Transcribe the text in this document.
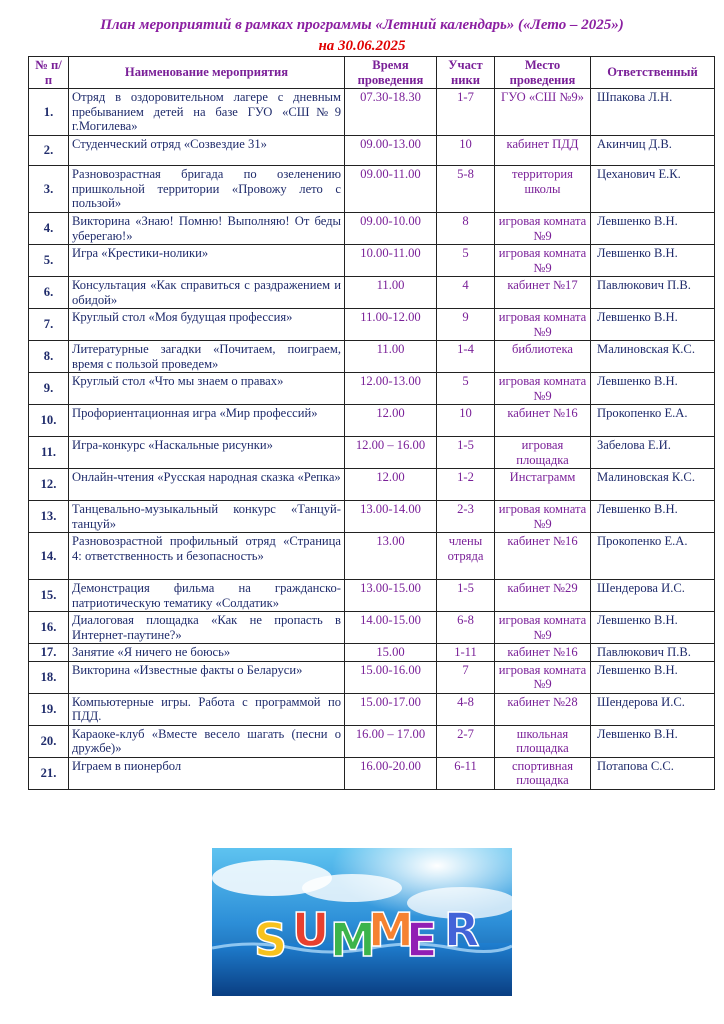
План мероприятий в рамках программы «Летний календарь» («Лето – 2025»)
на 30.06.2025
№ п/п	Наименование мероприятия	Время проведения	Участ ники	Место проведения	Ответственный
1.	Отряд в оздоровительном лагере с дневным пребыванием детей на базе ГУО «СШ№9 г.Могилева»	07.30-18.30	1-7	ГУО «СШ №9»	Шпакова Л.Н.
2.	Студенческий отряд «Созвездие 31»	09.00-13.00	10	кабинет ПДД	Акинчиц Д.В.
3.	Разновозрастная бригада по озеленению пришкольной территории «Провожу лето с пользой»	09.00-11.00	5-8	территория школы	Цеханович Е.К.
4.	Викторина «Знаю! Помню! Выполняю! От беды уберегаю!»	09.00-10.00	8	игровая комната №9	Левшенко В.Н.
5.	Игра «Крестики-нолики»	10.00-11.00	5	игровая комната №9	Левшенко В.Н.
6.	Консультация «Как справиться с раздражением и обидой»	11.00	4	кабинет №17	Павлюкович П.В.
7.	Круглый стол «Моя будущая профессия»	11.00-12.00	9	игровая комната №9	Левшенко В.Н.
8.	Литературные загадки «Почитаем, поиграем, время с пользой проведем»	11.00	1-4	библиотека	Малиновская К.С.
9.	Круглый стол «Что мы знаем о правах»	12.00-13.00	5	игровая комната №9	Левшенко В.Н.
10.	Профориентационная игра «Мир профессий»	12.00	10	кабинет №16	Прокопенко Е.А.
11.	Игра-конкурс «Наскальные рисунки»	12.00 – 16.00	1-5	игровая площадка	Забелова Е.И.
12.	Онлайн-чтения «Русская народная сказка «Репка»	12.00	1-2	Инстаграмм	Малиновская К.С.
13.	Танцевально-музыкальный конкурс «Танцуй-танцуй»	13.00-14.00	2-3	игровая комната №9	Левшенко В.Н.
14.	Разновозрастной профильный отряд «Страница 4: ответственность и безопасность»	13.00	члены отряда	кабинет №16	Прокопенко Е.А.
15.	Демонстрация фильма на гражданско-патриотическую тематику «Солдатик»	13.00-15.00	1-5	кабинет №29	Шендерова И.С.
16.	Диалоговая площадка «Как не пропасть в Интернет-паутине?»	14.00-15.00	6-8	игровая комната №9	Левшенко В.Н.
17.	Занятие «Я ничего не боюсь»	15.00	1-11	кабинет №16	Павлюкович П.В.
18.	Викторина «Известные факты о Беларуси»	15.00-16.00	7	игровая комната №9	Левшенко В.Н.
19.	Компьютерные игры. Работа с программой по ПДД.	15.00-17.00	4-8	кабинет №28	Шендерова И.С.
20.	Караоке-клуб «Вместе весело шагать (песни о дружбе)»	16.00 – 17.00	2-7	школьная площадка	Левшенко В.Н.
21.	Играем в пионербол	16.00-20.00	6-11	спортивная площадка	Потапова С.С.
S U M
M
E R
